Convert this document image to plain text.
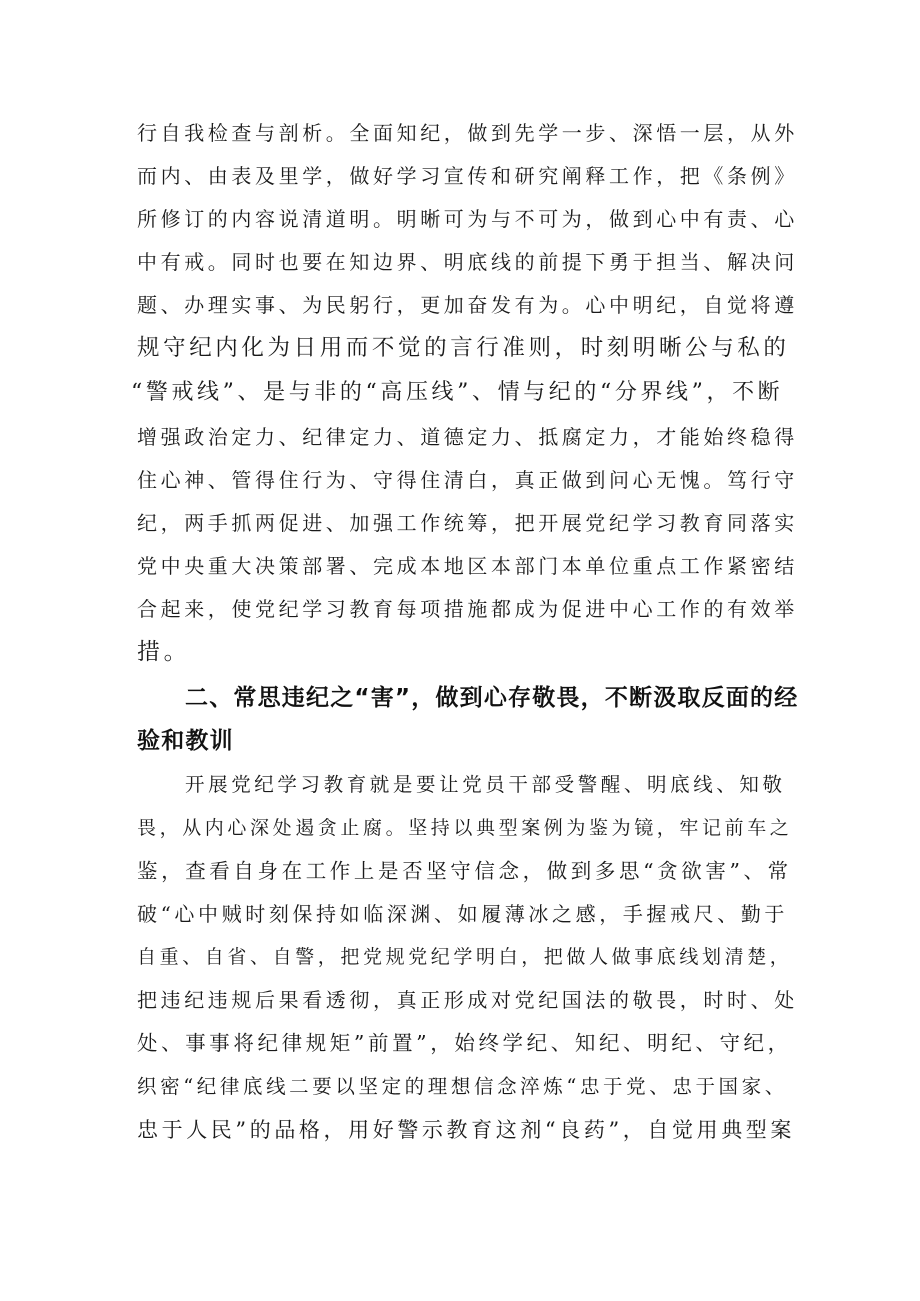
行自我检查与剖析。全面知纪，做到先学一步、深悟一层，从外
而内、由表及里学，做好学习宣传和研究阐释工作，把《条例》
所修订的内容说清道明。明晰可为与不可为，做到心中有责、心
中有戒。同时也要在知边界、明底线的前提下勇于担当、解决问
题、办理实事、为民躬行，更加奋发有为。心中明纪，自觉将遵
规守纪内化为日用而不觉的言行准则，时刻明晰公与私的
“警戒线”、是与非的“高压线”、情与纪的“分界线”，不断
增强政治定力、纪律定力、道德定力、抵腐定力，才能始终稳得
住心神、管得住行为、守得住清白，真正做到问心无愧。笃行守
纪，两手抓两促进、加强工作统筹，把开展党纪学习教育同落实
党中央重大决策部署、完成本地区本部门本单位重点工作紧密结
合起来，使党纪学习教育每项措施都成为促进中心工作的有效举
措。
二、常思违纪之“害”，做到心存敬畏，不断汲取反面的经
验和教训
开展党纪学习教育就是要让党员干部受警醒、明底线、知敬
畏，从内心深处遏贪止腐。坚持以典型案例为鉴为镜，牢记前车之
鉴，查看自身在工作上是否坚守信念，做到多思“贪欲害”、常
破“心中贼时刻保持如临深渊、如履薄冰之感，手握戒尺、勤于
自重、自省、自警，把党规党纪学明白，把做人做事底线划清楚，
把违纪违规后果看透彻，真正形成对党纪国法的敬畏，时时、处
处、事事将纪律规矩”前置”，始终学纪、知纪、明纪、守纪，
织密“纪律底线二要以坚定的理想信念淬炼“忠于党、忠于国家、
忠于人民”的品格，用好警示教育这剂“良药”，自觉用典型案
